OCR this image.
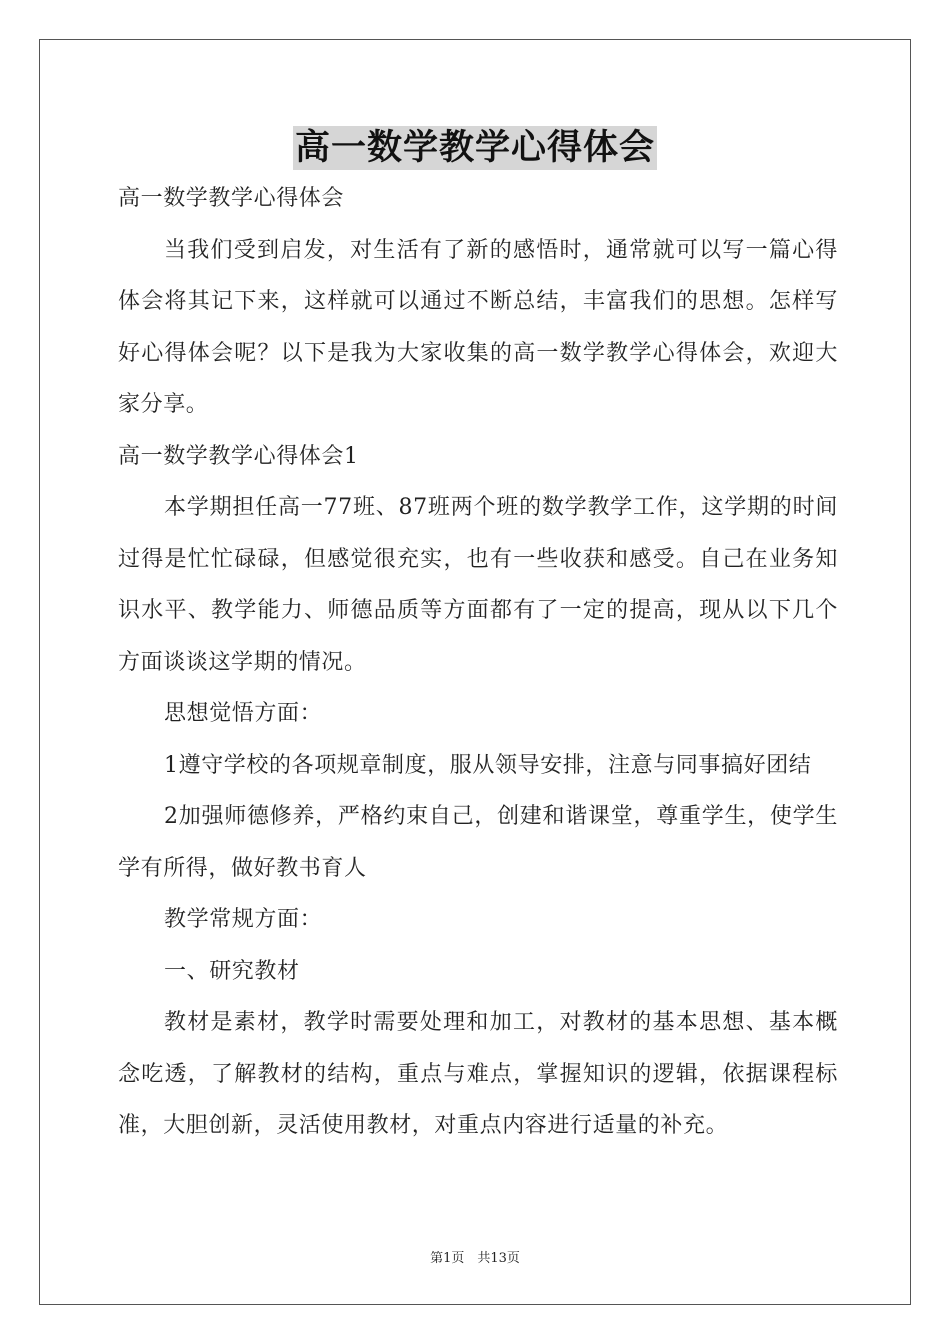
高一数学教学心得体会

高一数学教学心得体会

当我们受到启发，对生活有了新的感悟时，通常就可以写一篇心得体会将其记下来，这样就可以通过不断总结，丰富我们的思想。怎样写好心得体会呢？以下是我为大家收集的高一数学教学心得体会，欢迎大家分享。

高一数学教学心得体会1

本学期担任高一77班、87班两个班的数学教学工作，这学期的时间过得是忙忙碌碌，但感觉很充实，也有一些收获和感受。自己在业务知识水平、教学能力、师德品质等方面都有了一定的提高，现从以下几个方面谈谈这学期的情况。

思想觉悟方面：

1遵守学校的各项规章制度，服从领导安排，注意与同事搞好团结

2加强师德修养，严格约束自己，创建和谐课堂，尊重学生，使学生学有所得，做好教书育人

教学常规方面：

一、研究教材

教材是素材，教学时需要处理和加工，对教材的基本思想、基本概念吃透，了解教材的结构，重点与难点，掌握知识的逻辑，依据课程标准，大胆创新，灵活使用教材，对重点内容进行适量的补充。

第1页　共13页
